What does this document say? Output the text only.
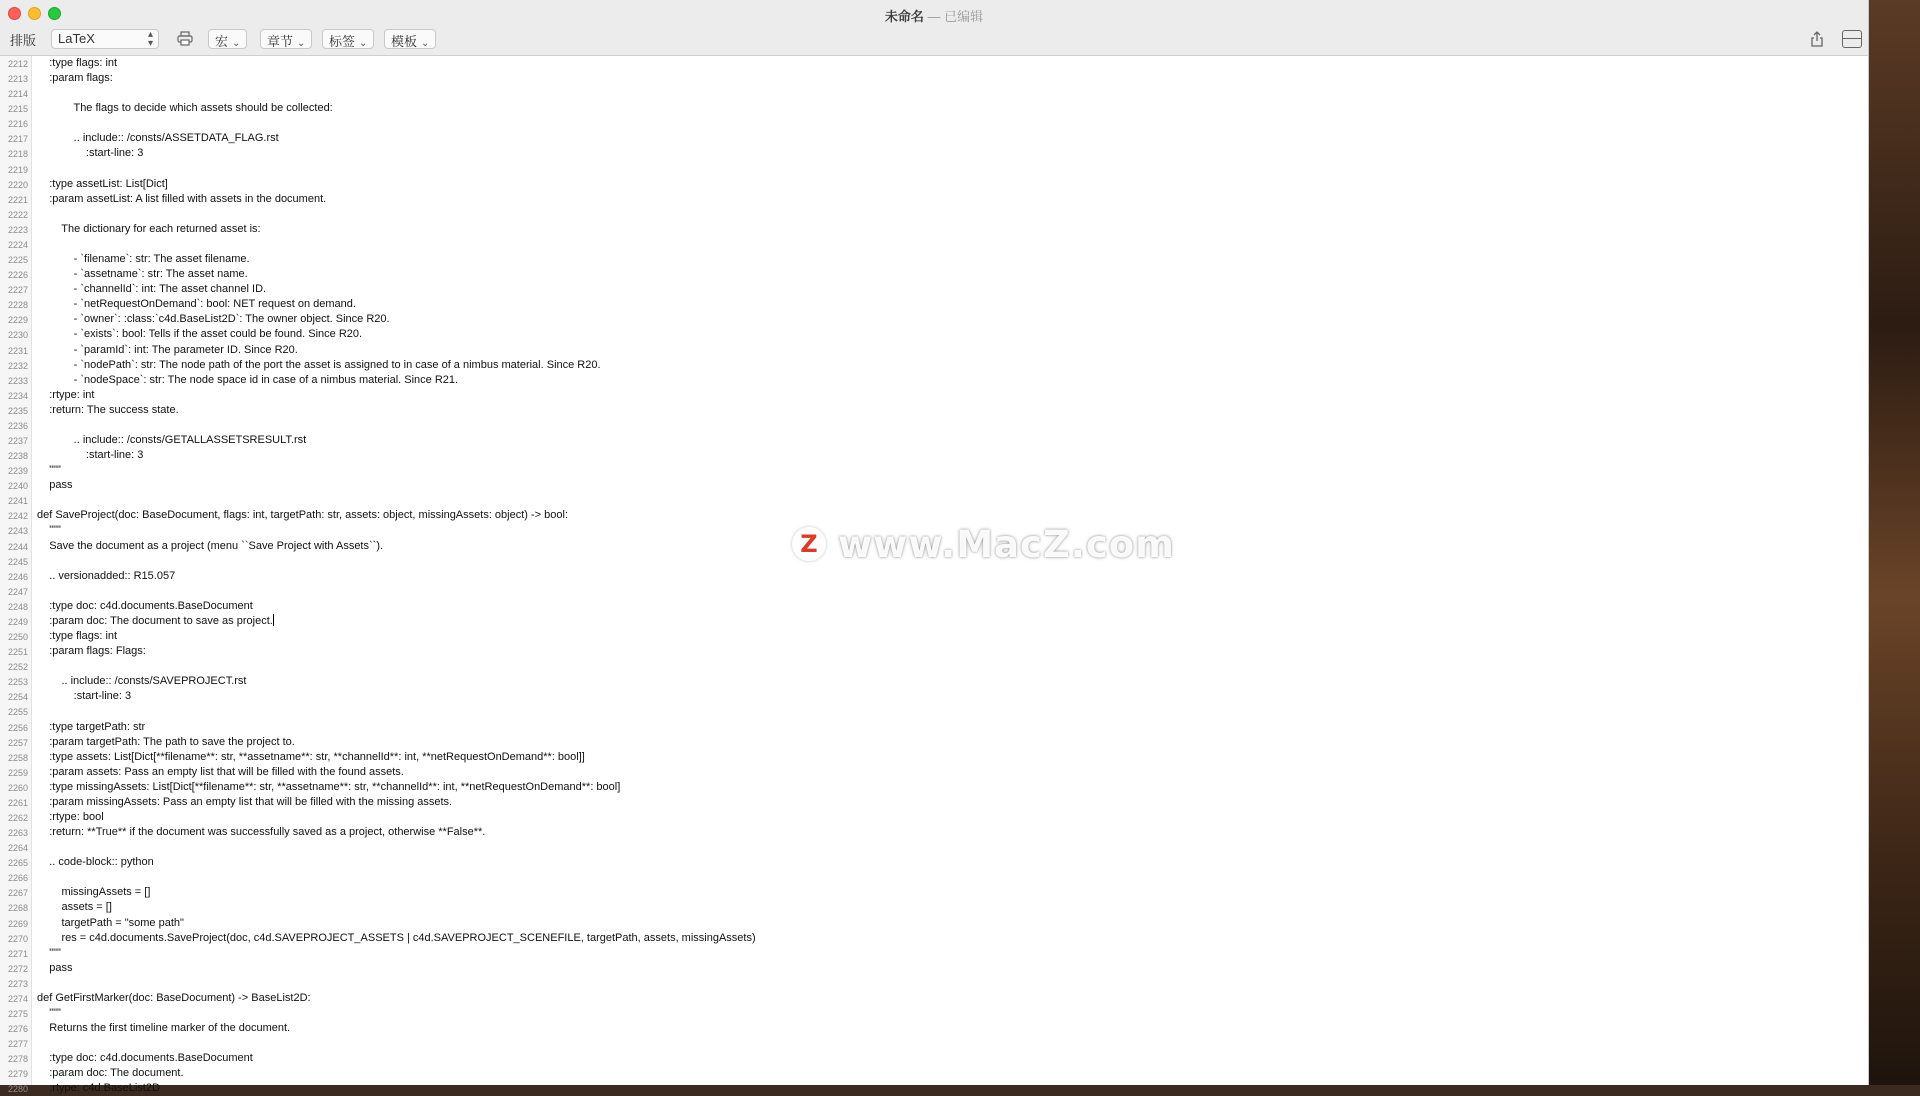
未命名 — 已编辑
排版	LaTeX	▴
▾	宏 ⌄	章节 ⌄	标签 ⌄	模板 ⌄
2212 :type flags: int
2213 :param flags:
2214
2215 The flags to decide which assets should be collected:
2216
2217 .. include:: /consts/ASSETDATA_FLAG.rst
2218 :start-line: 3
2219
2220 :type assetList: List[Dict]
2221 :param assetList: A list filled with assets in the document.
2222
2223 The dictionary for each returned asset is:
2224
2225 - `filename`: str: The asset filename.
2226 - `assetname`: str: The asset name.
2227 - `channelId`: int: The asset channel ID.
2228 - `netRequestOnDemand`: bool: NET request on demand.
2229 - `owner`: :class:`c4d.BaseList2D`: The owner object. Since R20.
2230 - `exists`: bool: Tells if the asset could be found. Since R20.
2231 - `paramId`: int: The parameter ID. Since R20.
2232 - `nodePath`: str: The node path of the port the asset is assigned to in case of a nimbus material. Since R20.
2233 - `nodeSpace`: str: The node space id in case of a nimbus material. Since R21.
2234 :rtype: int
2235 :return: The success state.
2236
2237 .. include:: /consts/GETALLASSETSRESULT.rst
2238 :start-line: 3
2239 """
2240 pass
2241
2242 def SaveProject(doc: BaseDocument, flags: int, targetPath: str, assets: object, missingAssets: object) -> bool:
2243 """
2244 Save the document as a project (menu ``Save Project with Assets``).
2245
2246 .. versionadded:: R15.057
2247
2248 :type doc: c4d.documents.BaseDocument
2249 :param doc: The document to save as project.
2250 :type flags: int
2251 :param flags: Flags:
2252
2253 .. include:: /consts/SAVEPROJECT.rst
2254 :start-line: 3
2255
2256 :type targetPath: str
2257 :param targetPath: The path to save the project to.
2258 :type assets: List[Dict[**filename**: str, **assetname**: str, **channelId**: int, **netRequestOnDemand**: bool]]
2259 :param assets: Pass an empty list that will be filled with the found assets.
2260 :type missingAssets: List[Dict[**filename**: str, **assetname**: str, **channelId**: int, **netRequestOnDemand**: bool]
2261 :param missingAssets: Pass an empty list that will be filled with the missing assets.
2262 :rtype: bool
2263 :return: **True** if the document was successfully saved as a project, otherwise **False**.
2264
2265 .. code-block:: python
2266
2267 missingAssets = []
2268 assets = []
2269 targetPath = "some path"
2270 res = c4d.documents.SaveProject(doc, c4d.SAVEPROJECT_ASSETS | c4d.SAVEPROJECT_SCENEFILE, targetPath, assets, missingAssets)
2271 """
2272 pass
2273
2274 def GetFirstMarker(doc: BaseDocument) -> BaseList2D:
2275 """
2276 Returns the first timeline marker of the document.
2277
2278 :type doc: c4d.documents.BaseDocument
2279 :param doc: The document.
2280 :rtype: c4d.BaseList2D
Z www.MacZ.com
